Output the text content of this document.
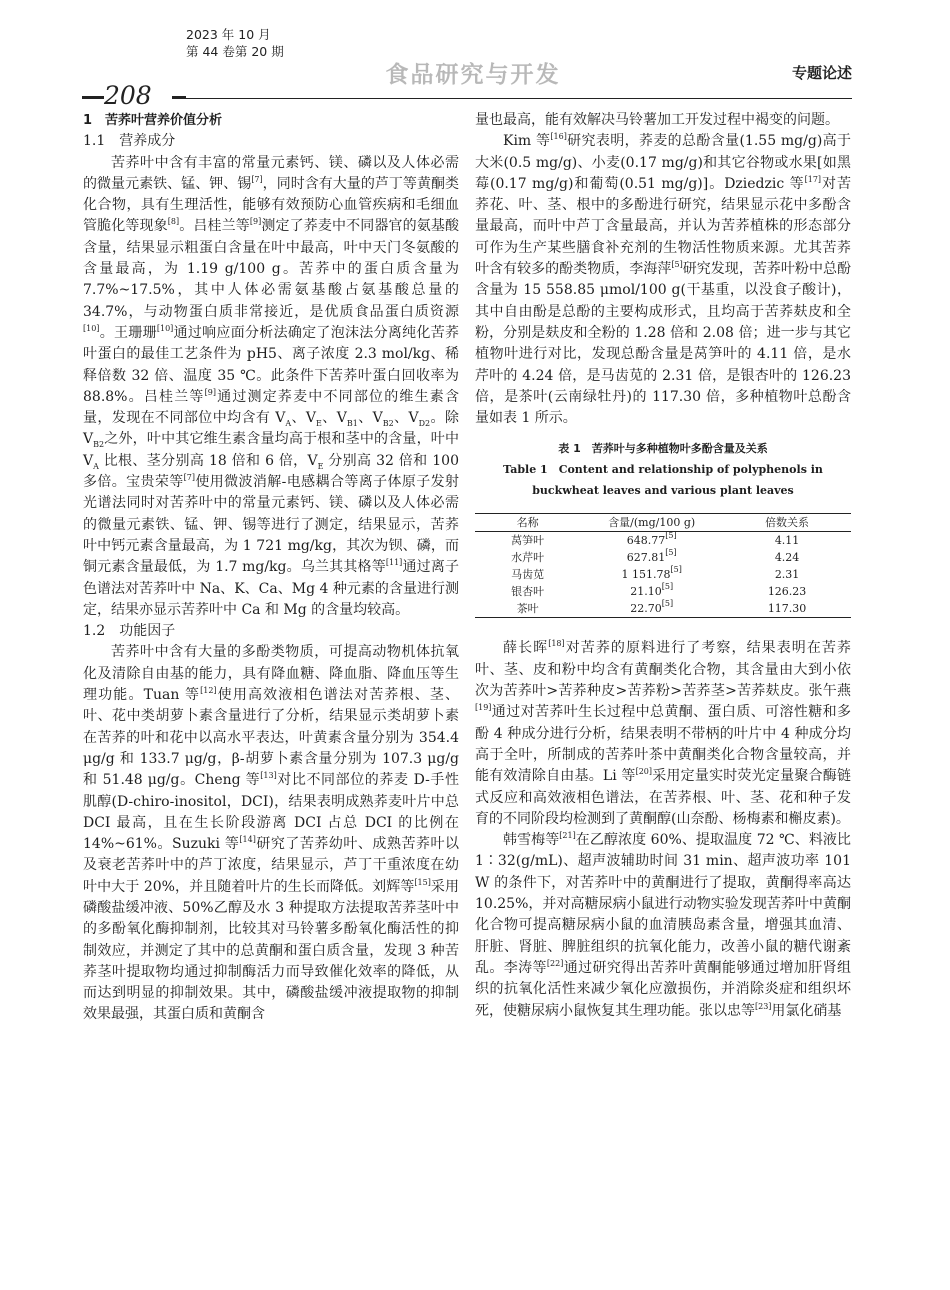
2023 年 10 月
第 44 卷第 20 期
食品研究与开发	专题论述
208
1　苦荞叶营养价值分析
1.1　营养成分

苦荞叶中含有丰富的常量元素钙、镁、磷以及人体必需的微量元素铁、锰、钾、锡[7]，同时含有大量的芦丁等黄酮类化合物，具有生理活性，能够有效预防心血管疾病和毛细血管脆化等现象[8]。吕桂兰等[9]测定了荞麦中不同器官的氨基酸含量，结果显示粗蛋白含量在叶中最高，叶中天门冬氨酸的含量最高，为 1.19 g/100 g。苦荞中的蛋白质含量为 7.7%~17.5%，其中人体必需氨基酸占氨基酸总量的 34.7%，与动物蛋白质非常接近，是优质食品蛋白质资源[10]。王珊珊[10]通过响应面分析法确定了泡沫法分离纯化苦荞叶蛋白的最佳工艺条件为 pH5、离子浓度 2.3 mol/kg、稀释倍数 32 倍、温度 35 ℃。此条件下苦荞叶蛋白回收率为 88.8%。吕桂兰等[9]通过测定荞麦中不同部位的维生素含量，发现在不同部位中均含有 $V_A$、$V_E$、$V_{B1}$、$V_{B2}$、$V_{D2}$。除 $V_{B2}$之外，叶中其它维生素含量均高于根和茎中的含量，叶中$V_A$ 比根、茎分别高 18 倍和 6 倍，$V_E$ 分别高 32 倍和 100 多倍。宝贵荣等[7]使用微波消解-电感耦合等离子体原子发射光谱法同时对苦荞叶中的常量元素钙、镁、磷以及人体必需的微量元素铁、锰、钾、锡等进行了测定，结果显示，苦荞叶中钙元素含量最高，为 1 721 mg/kg，其次为钡、磷，而铜元素含量最低，为 1.7 mg/kg。乌兰其其格等[11]通过离子色谱法对苦荞叶中 Na、K、Ca、Mg 4 种元素的含量进行测定，结果亦显示苦荞叶中 Ca 和 Mg 的含量均较高。

1.2　功能因子

苦荞叶中含有大量的多酚类物质，可提高动物机体抗氧化及清除自由基的能力，具有降血糖、降血脂、降血压等生理功能。Tuan 等[12]使用高效液相色谱法对苦荞根、茎、叶、花中类胡萝卜素含量进行了分析，结果显示类胡萝卜素在苦荞的叶和花中以高水平表达，叶黄素含量分别为 354.4 μg/g 和 133.7 μg/g，β-胡萝卜素含量分别为 107.3 μg/g 和 51.48 μg/g。Cheng 等[13]对比不同部位的荞麦 D-手性肌醇(D-chiro-inositol，DCI)，结果表明成熟荞麦叶片中总 DCI 最高，且在生长阶段游离 DCI 占总 DCI 的比例在 14%~61%。Suzuki 等[14]研究了苦荞幼叶、成熟苦荞叶以及衰老苦荞叶中的芦丁浓度，结果显示，芦丁干重浓度在幼叶中大于 20%，并且随着叶片的生长而降低。刘辉等[15]采用磷酸盐缓冲液、50%乙醇及水 3 种提取方法提取苦荞茎叶中的多酚氧化酶抑制剂，比较其对马铃薯多酚氧化酶活性的抑制效应，并测定了其中的总黄酮和蛋白质含量，发现 3 种苦荞茎叶提取物均通过抑制酶活力而导致催化效率的降低，从而达到明显的抑制效果。其中，磷酸盐缓冲液提取物的抑制效果最强，其蛋白质和黄酮含

量也最高，能有效解决马铃薯加工开发过程中褐变的问题。

Kim 等[16]研究表明，荞麦的总酚含量(1.55 mg/g)高于大米(0.5 mg/g)、小麦(0.17 mg/g)和其它谷物或水果[如黑莓(0.17 mg/g)和葡萄(0.51 mg/g)]。Dziedzic 等[17]对苦荞花、叶、茎、根中的多酚进行研究，结果显示花中多酚含量最高，而叶中芦丁含量最高，并认为苦荞植株的形态部分可作为生产某些膳食补充剂的生物活性物质来源。尤其苦荞叶含有较多的酚类物质，李海萍[5]研究发现，苦荞叶粉中总酚含量为 15 558.85 μmol/100 g(干基重，以没食子酸计)，其中自由酚是总酚的主要构成形式，且均高于苦荞麸皮和全粉，分别是麸皮和全粉的 1.28 倍和 2.08 倍；进一步与其它植物叶进行对比，发现总酚含量是莴笋叶的 4.11 倍，是水芹叶的 4.24 倍，是马齿苋的 2.31 倍，是银杏叶的 126.23 倍，是茶叶(云南绿牡丹)的 117.30 倍，多种植物叶总酚含量如表 1 所示。

表 1　苦荞叶与多种植物叶多酚含量及关系
Table 1　Content and relationship of polyphenols in buckwheat leaves and various plant leaves
名称	含量/(mg/100 g)	倍数关系
莴笋叶	648.77[5]	4.11
水芹叶	627.81[5]	4.24
马齿苋	1 151.78[5]	2.31
银杏叶	21.10[5]	126.23
茶叶	22.70[5]	117.30

薛长晖[18]对苦荞的原料进行了考察，结果表明在苦荞叶、茎、皮和粉中均含有黄酮类化合物，其含量由大到小依次为苦荞叶>苦荞种皮>苦荞粉>苦荞茎>苦荞麸皮。张午燕[19]通过对苦荞叶生长过程中总黄酮、蛋白质、可溶性糖和多酚 4 种成分进行分析，结果表明不带柄的叶片中 4 种成分均高于全叶，所制成的苦荞叶茶中黄酮类化合物含量较高，并能有效清除自由基。Li 等[20]采用定量实时荧光定量聚合酶链式反应和高效液相色谱法，在苦荞根、叶、茎、花和种子发育的不同阶段均检测到了黄酮醇(山奈酚、杨梅素和槲皮素)。

韩雪梅等[21]在乙醇浓度 60%、提取温度 72 ℃、料液比 1∶32(g/mL)、超声波辅助时间 31 min、超声波功率 101 W 的条件下，对苦荞叶中的黄酮进行了提取，黄酮得率高达 10.25%，并对高糖尿病小鼠进行动物实验发现苦荞叶中黄酮化合物可提高糖尿病小鼠的血清胰岛素含量，增强其血清、肝脏、肾脏、脾脏组织的抗氧化能力，改善小鼠的糖代谢紊乱。李涛等[22]通过研究得出苦荞叶黄酮能够通过增加肝肾组织的抗氧化活性来减少氧化应激损伤，并消除炎症和组织坏死，使糖尿病小鼠恢复其生理功能。张以忠等[23]用氯化硝基
